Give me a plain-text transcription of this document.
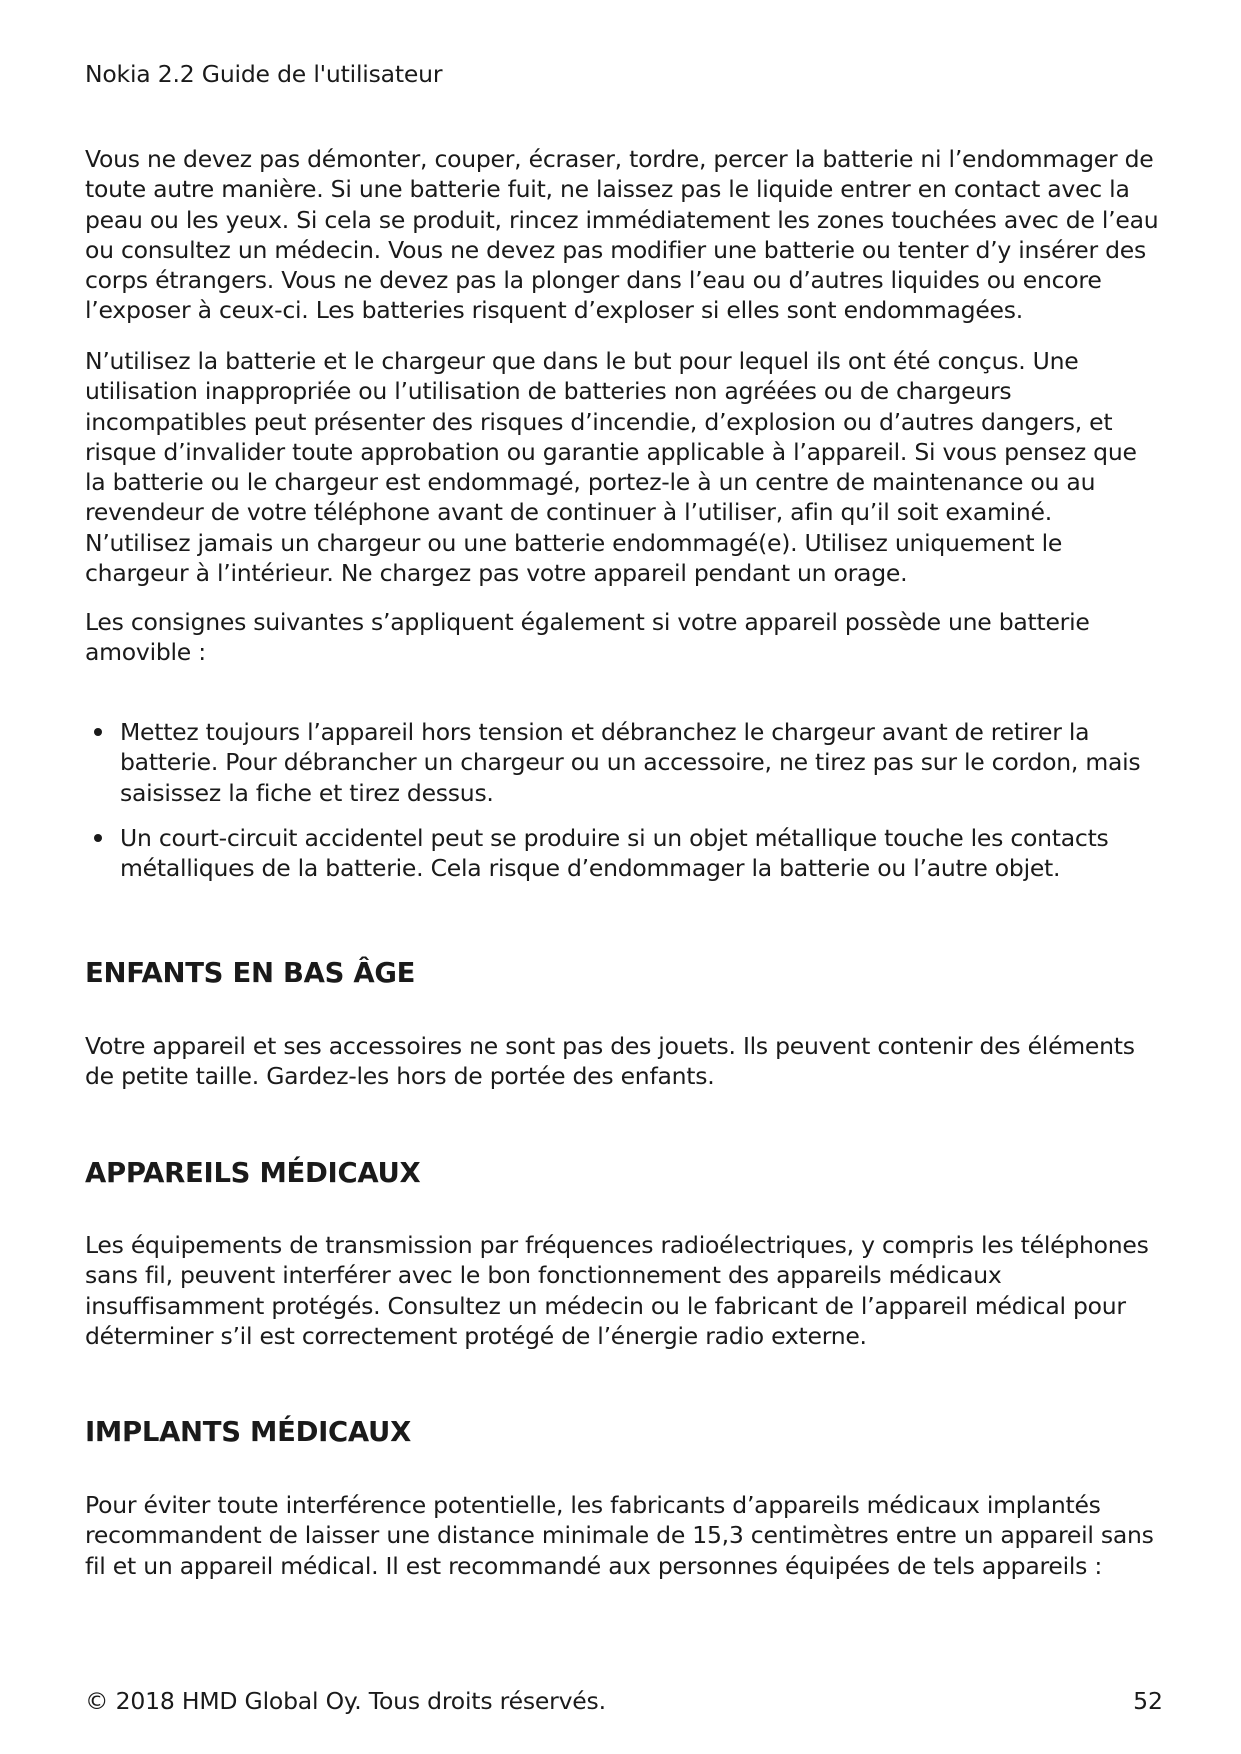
Nokia 2.2 Guide de l'utilisateur

Vous ne devez pas démonter, couper, écraser, tordre, percer la batterie ni l’endommager de toute autre manière. Si une batterie fuit, ne laissez pas le liquide entrer en contact avec la peau ou les yeux. Si cela se produit, rincez immédiatement les zones touchées avec de l’eau ou consultez un médecin. Vous ne devez pas modifier une batterie ou tenter d’y insérer des corps étrangers. Vous ne devez pas la plonger dans l’eau ou d’autres liquides ou encore l’exposer à ceux-ci. Les batteries risquent d’exploser si elles sont endommagées.

N’utilisez la batterie et le chargeur que dans le but pour lequel ils ont été conçus. Une utilisation inappropriée ou l’utilisation de batteries non agréées ou de chargeurs incompatibles peut présenter des risques d’incendie, d’explosion ou d’autres dangers, et risque d’invalider toute approbation ou garantie applicable à l’appareil. Si vous pensez que la batterie ou le chargeur est endommagé, portez-le à un centre de maintenance ou au revendeur de votre téléphone avant de continuer à l’utiliser, afin qu’il soit examiné. N’utilisez jamais un chargeur ou une batterie endommagé(e). Utilisez uniquement le chargeur à l’intérieur. Ne chargez pas votre appareil pendant un orage.

Les consignes suivantes s’appliquent également si votre appareil possède une batterie amovible :

Mettez toujours l’appareil hors tension et débranchez le chargeur avant de retirer la batterie. Pour débrancher un chargeur ou un accessoire, ne tirez pas sur le cordon, mais saisissez la fiche et tirez dessus.
Un court-circuit accidentel peut se produire si un objet métallique touche les contacts métalliques de la batterie. Cela risque d’endommager la batterie ou l’autre objet.
ENFANTS EN BAS ÂGE

Votre appareil et ses accessoires ne sont pas des jouets. Ils peuvent contenir des éléments de petite taille. Gardez-les hors de portée des enfants.

APPAREILS MÉDICAUX

Les équipements de transmission par fréquences radioélectriques, y compris les téléphones sans fil, peuvent interférer avec le bon fonctionnement des appareils médicaux insuffisamment protégés. Consultez un médecin ou le fabricant de l’appareil médical pour déterminer s’il est correctement protégé de l’énergie radio externe.

IMPLANTS MÉDICAUX

Pour éviter toute interférence potentielle, les fabricants d’appareils médicaux implantés recommandent de laisser une distance minimale de 15,3 centimètres entre un appareil sans fil et un appareil médical. Il est recommandé aux personnes équipées de tels appareils :

© 2018 HMD Global Oy. Tous droits réservés.	52
